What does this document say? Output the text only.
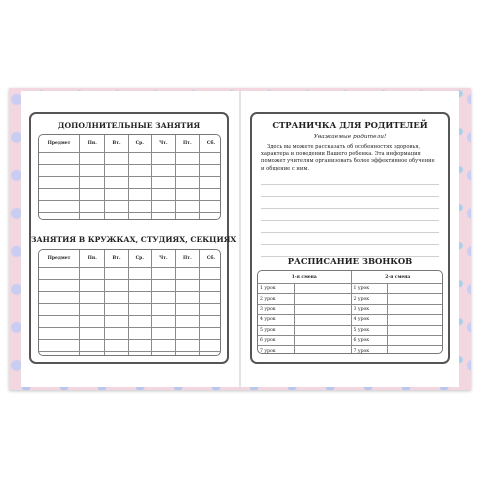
ДОПОЛНИТЕЛЬНЫЕ ЗАНЯТИЯ
Предмет	Пн.	Вт.	Ср.	Чт.	Пт.	Сб.

ЗАНЯТИЯ В КРУЖКАХ, СТУДИЯХ, СЕКЦИЯХ
Предмет	Пн.	Вт.	Ср.	Чт.	Пт.	Сб.

СТРАНИЧКА ДЛЯ РОДИТЕЛЕЙ
Уважаемые родители!
Здесь вы можете рассказать об особенностях здоровья, характера и поведении Вашего ребенка. Эта информация поможет учителям организовать более эффективное обучение и общение с ним.
РАСПИСАНИЕ ЗВОНКОВ
1-я смена		2-я смена	
1 урок		1 урок	
2 урок		2 урок	
3 урок		3 урок	
4 урок		4 урок	
5 урок		5 урок	
6 урок		6 урок	
7 урок		7 урок	
